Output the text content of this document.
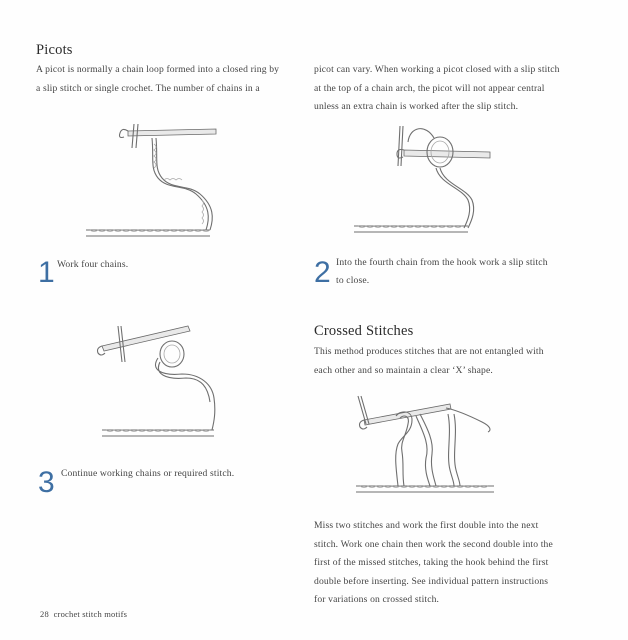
Picots
A picot is normally a chain loop formed into a closed ring by
a slip stitch or single crochet. The number of chains in a
picot can vary. When working a picot closed with a slip stitch
at the top of a chain arch, the picot will not appear central
unless an extra chain is worked after the slip stitch.
1 Work four chains.	2 Into the fourth chain from the hook work a slip stitch
to close.
3 Continue working chains or required stitch.
Crossed Stitches
This method produces stitches that are not entangled with
each other and so maintain a clear ‘X’ shape.
Miss two stitches and work the first double into the next
stitch. Work one chain then work the second double into the
first of the missed stitches, taking the hook behind the first
double before inserting. See individual pattern instructions
for variations on crossed stitch.
28 crochet stitch motifs
